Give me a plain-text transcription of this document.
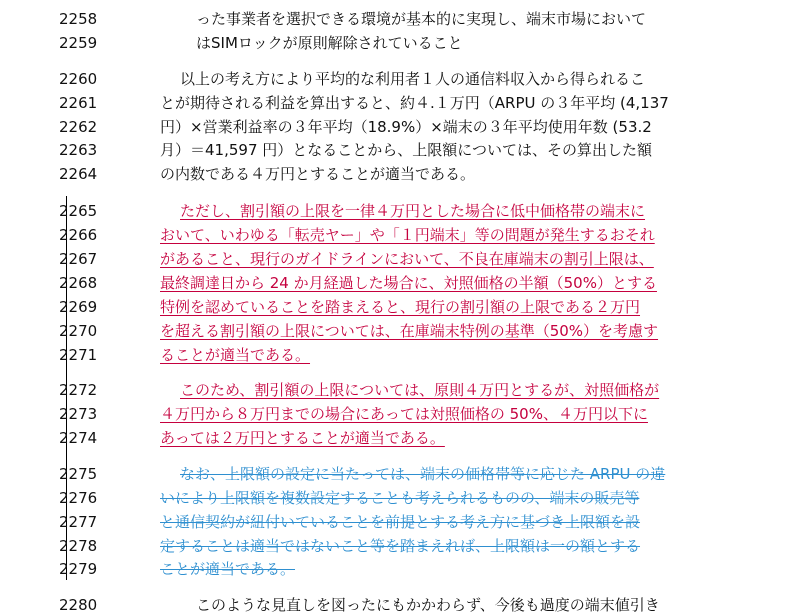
2258
2259
2260
2261
2262
2263
2264
2265
2266
2267
2268
2269
2270
2271
2272
2273
2274
2275
2276
2277
2278
2279
2280
った事業者を選択できる環境が基本的に実現し、端末市場において
はSIMロックが原則解除されていること
以上の考え方により平均的な利用者１人の通信料収入から得られるこ
とが期待される利益を算出すると、約４.１万円（ARPU の３年平均 (4,137
円）×営業利益率の３年平均（18.9%）×端末の３年平均使用年数 (53.2
月）＝41,597 円）となることから、上限額については、その算出した額
の内数である４万円とすることが適当である。
ただし、割引額の上限を一律４万円とした場合に低中価格帯の端末に
おいて、いわゆる「転売ヤー」や「１円端末」等の問題が発生するおそれ
があること、現行のガイドラインにおいて、不良在庫端末の割引上限は、
最終調達日から 24 か月経過した場合に、対照価格の半額（50%）とする
特例を認めていることを踏まえると、現行の割引額の上限である２万円
を超える割引額の上限については、在庫端末特例の基準（50%）を考慮す
ることが適当である。
このため、割引額の上限については、原則４万円とするが、対照価格が
４万円から８万円までの場合にあっては対照価格の 50%、４万円以下に
あっては２万円とすることが適当である。
なお、上限額の設定に当たっては、端末の価格帯等に応じた ARPU の違
いにより上限額を複数設定することも考えられるものの、端末の販売等
と通信契約が紐付いていることを前提とする考え方に基づき上限額を設
定することは適当ではないこと等を踏まえれば、上限額は一の額とする
ことが適当である。
このような見直しを図ったにもかかわらず、今後も過度の端末値引き
